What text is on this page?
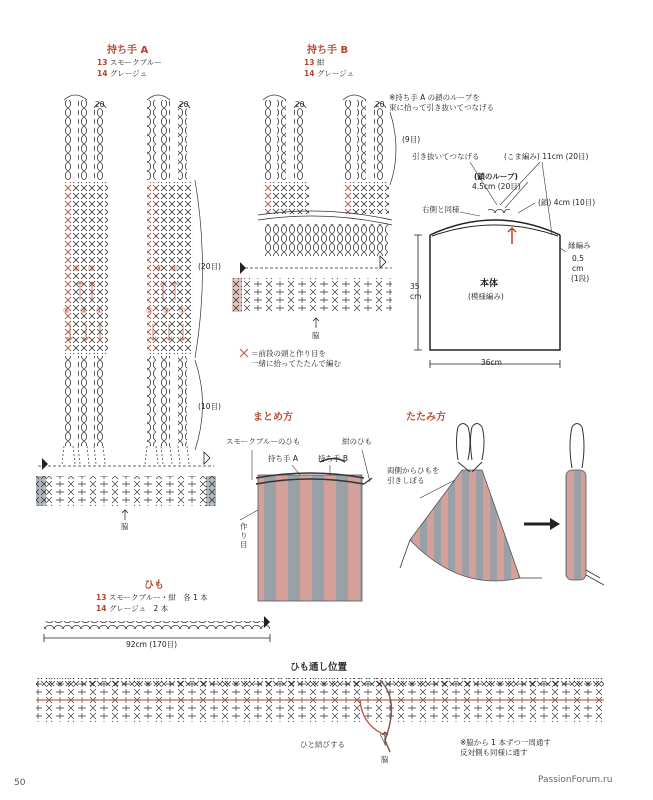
持ち手 A
13 スモークブルー
14 グレージュ
20	20
(20目)
(10目)
④ ②
⑤ ③ ①
④ ②
⑤ ③ ①
脇
持ち手 B
13 紺
14 グレージュ
20	20
※持ち手 A の鎖のループを
束に拾って引き抜いてつなげる
(9目)
脇
＝前段の頭と作り目を
一緒に拾ってたたんで編む
引き抜いてつなげる	(こま編み) 11cm (20目)
(鎖のループ)
4.5cm (20目)
右側と同様
(鎖) 4cm (10目)
縁編み
0.5
cm
(1段)
35
cm
36cm
本体
(模様編み)
まとめ方
スモークブルーのひも	紺のひも
持ち手 A	持ち手 B
作り目
たたみ方
両側からひもを
引きしぼる
ひも
13 スモークブルー・紺　各 1 本
14 グレージュ　2 本
92cm (170目)
ひも通し位置
ひと結びする
脇
※脇から 1 本ずつ一周通す
反対側も同様に通す
50	PassionForum.ru
